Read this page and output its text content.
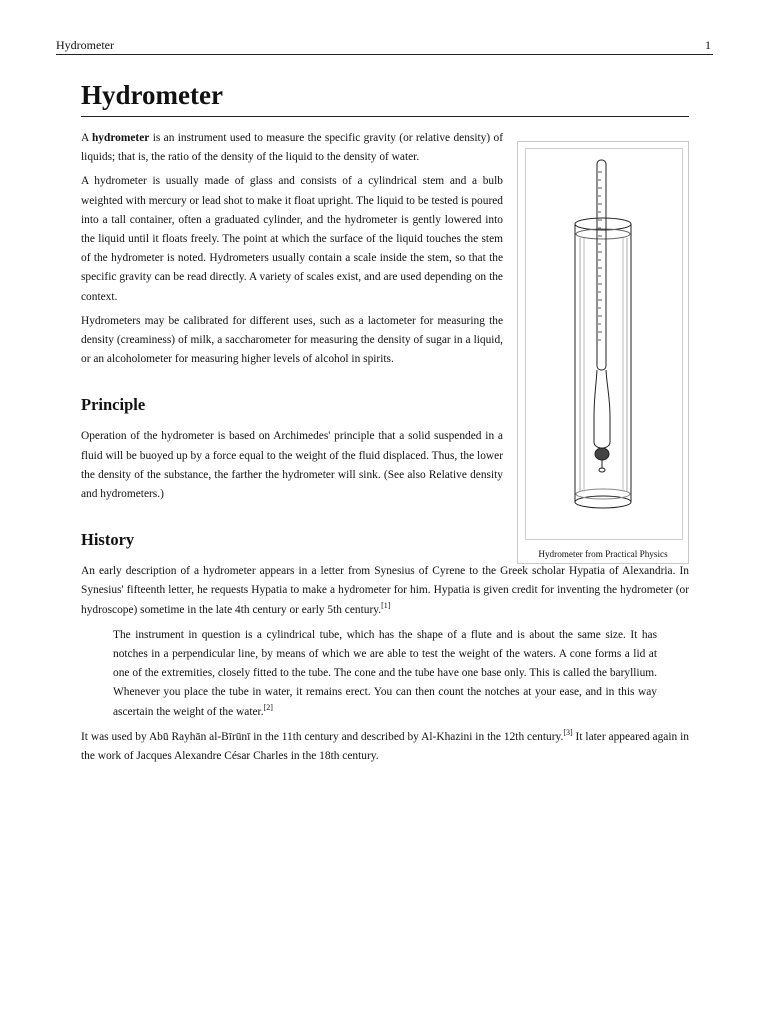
Hydrometer	1
Hydrometer

A hydrometer is an instrument used to measure the specific gravity (or relative density) of liquids; that is, the ratio of the density of the liquid to the density of water.

A hydrometer is usually made of glass and consists of a cylindrical stem and a bulb weighted with mercury or lead shot to make it float upright. The liquid to be tested is poured into a tall container, often a graduated cylinder, and the hydrometer is gently lowered into the liquid until it floats freely. The point at which the surface of the liquid touches the stem of the hydrometer is noted. Hydrometers usually contain a scale inside the stem, so that the specific gravity can be read directly. A variety of scales exist, and are used depending on the context.

Hydrometers may be calibrated for different uses, such as a lactometer for measuring the density (creaminess) of milk, a saccharometer for measuring the density of sugar in a liquid, or an alcoholometer for measuring higher levels of alcohol in spirits.

Principle

Operation of the hydrometer is based on Archimedes' principle that a solid suspended in a fluid will be buoyed up by a force equal to the weight of the fluid displaced. Thus, the lower the density of the substance, the farther the hydrometer will sink. (See also Relative density and hydrometers.)

Hydrometer from Practical Physics
History

An early description of a hydrometer appears in a letter from Synesius of Cyrene to the Greek scholar Hypatia of Alexandria. In Synesius' fifteenth letter, he requests Hypatia to make a hydrometer for him. Hypatia is given credit for inventing the hydrometer (or hydroscope) sometime in the late 4th century or early 5th century.[1]

The instrument in question is a cylindrical tube, which has the shape of a flute and is about the same size. It has notches in a perpendicular line, by means of which we are able to test the weight of the waters. A cone forms a lid at one of the extremities, closely fitted to the tube. The cone and the tube have one base only. This is called the baryllium. Whenever you place the tube in water, it remains erect. You can then count the notches at your ease, and in this way ascertain the weight of the water.[2]

It was used by Abū Rayhān al-Bīrūnī in the 11th century and described by Al-Khazini in the 12th century.[3] It later appeared again in the work of Jacques Alexandre César Charles in the 18th century.
